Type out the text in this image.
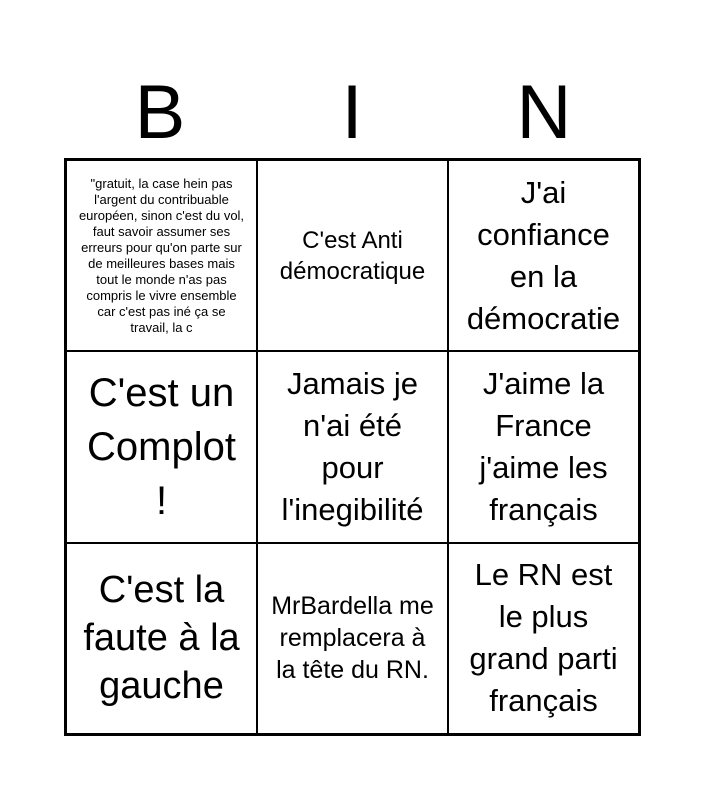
B	I	N
"gratuit, la case hein pas l'argent du contribuable européen, sinon c'est du vol, faut savoir assumer ses erreurs pour qu'on parte sur de meilleures bases mais tout le monde n'as pas compris le vivre ensemble car c'est pas iné ça se travail, la c
C'est Anti démocratique
J'ai confiance en la démocratie
C'est un Complot !
Jamais je n'ai été pour l'inegibilité
J'aime la France j'aime les français
C'est la faute à la gauche
MrBardella me remplacera à la tête du RN.
Le RN est le plus grand parti français
